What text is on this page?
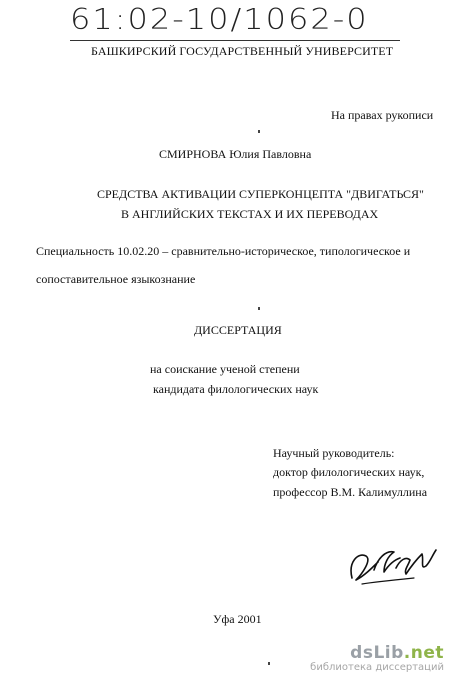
61:02-10/1062-0
БАШКИРСКИЙ ГОСУДАРСТВЕННЫЙ УНИВЕРСИТЕТ
На правах рукописи
СМИРНОВА Юлия Павловна
СРЕДСТВА АКТИВАЦИИ СУПЕРКОНЦЕПТА "ДВИГАТЬСЯ"
В АНГЛИЙСКИХ ТЕКСТАХ И ИХ ПЕРЕВОДАХ
Специальность 10.02.20 – сравнительно-историческое, типологическое и
сопоставительное языкознание
ДИССЕРТАЦИЯ
на соискание ученой степени
кандидата филологических наук
Научный руководитель:
доктор филологических наук,
профессор В.М. Калимуллина
Уфа 2001
dsLib.net
библиотека диссертаций
